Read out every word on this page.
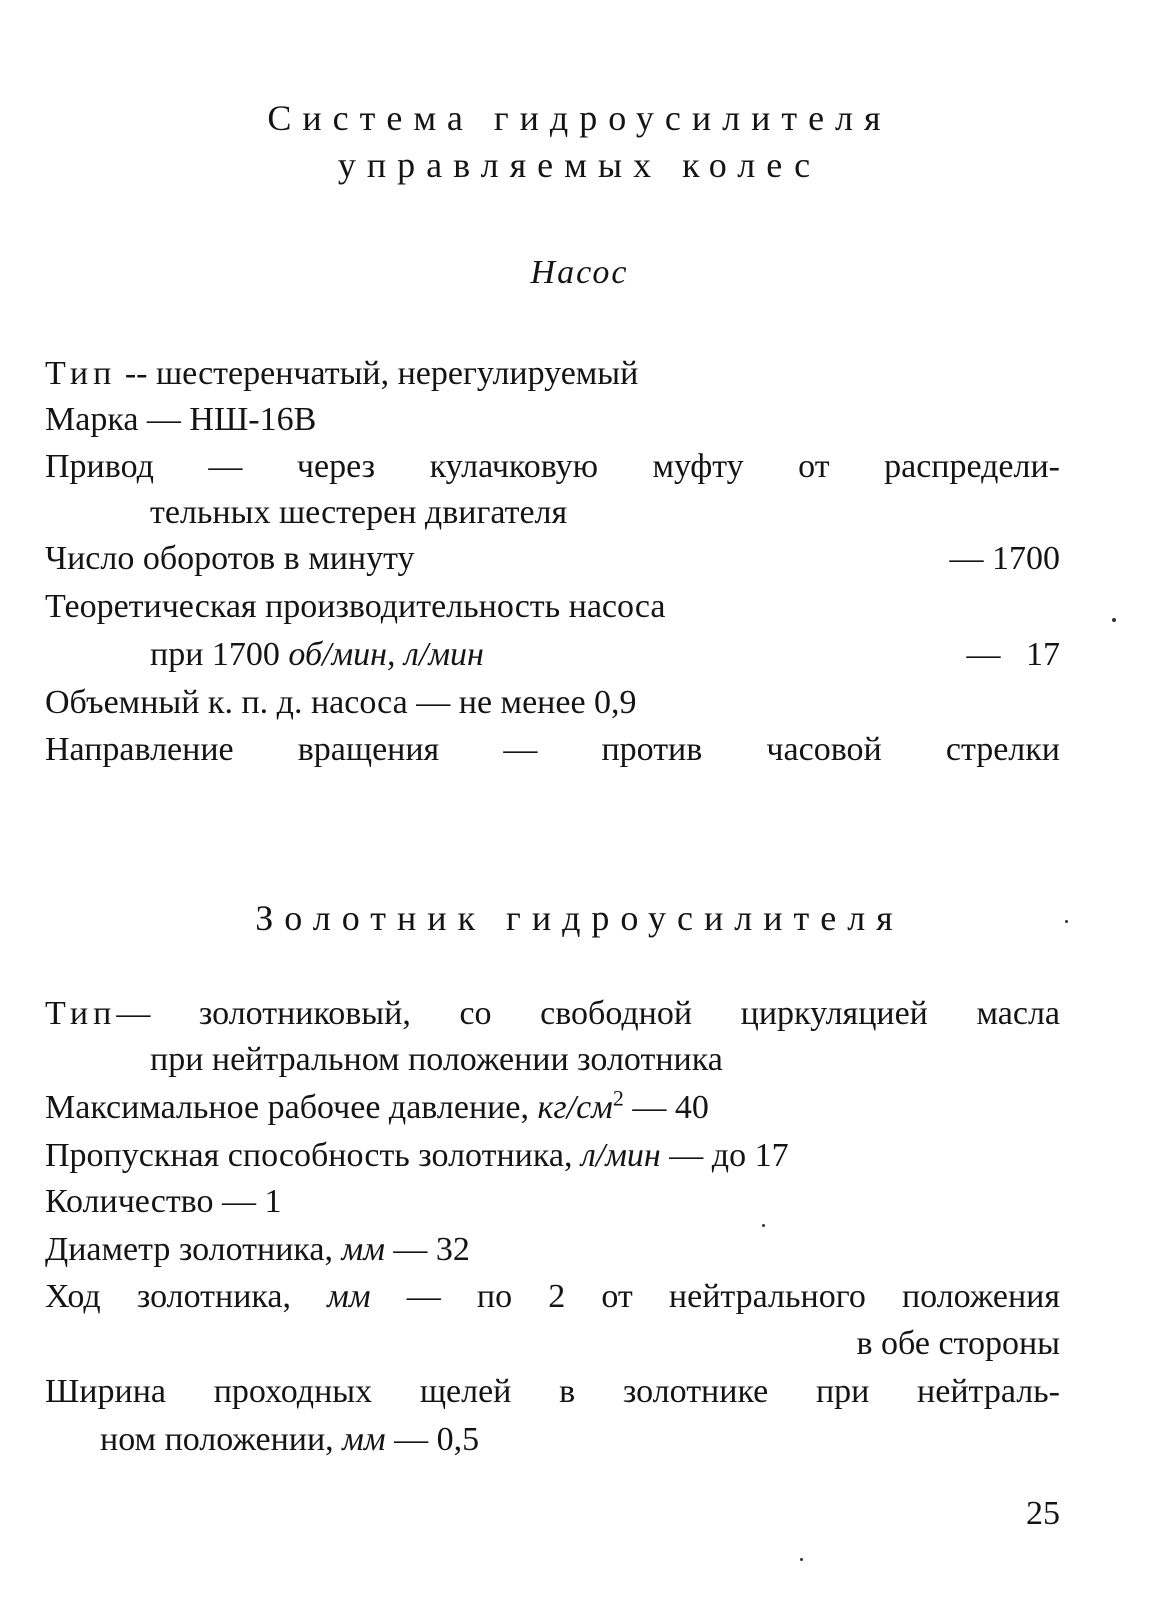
Система гидроусилителя
управляемых колес
Насос
Тип -- шестеренчатый, нерегулируемый
Марка — НШ-16В
Привод — через кулачковую муфту от распредели-
тельных шестерен двигателя
Число оборотов в минуту	— 1700
Теоретическая производительность насоса
при 1700 об/мин, л/мин	—   17
Объемный к. п. д. насоса — не менее 0,9
Направление вращения — против часовой стрелки
Золотник гидроусилителя
Тип— золотниковый, со свободной циркуляцией масла
при нейтральном положении золотника
Максимальное рабочее давление, $кг/см^2$ — 40
Пропускная способность золотника, л/мин — до 17
Количество — 1
Диаметр золотника, мм — 32
Ход золотника, мм — по 2 от нейтрального положения
в обе стороны
Ширина проходных щелей в золотнике при нейтраль-
ном положении, мм — 0,5
25
